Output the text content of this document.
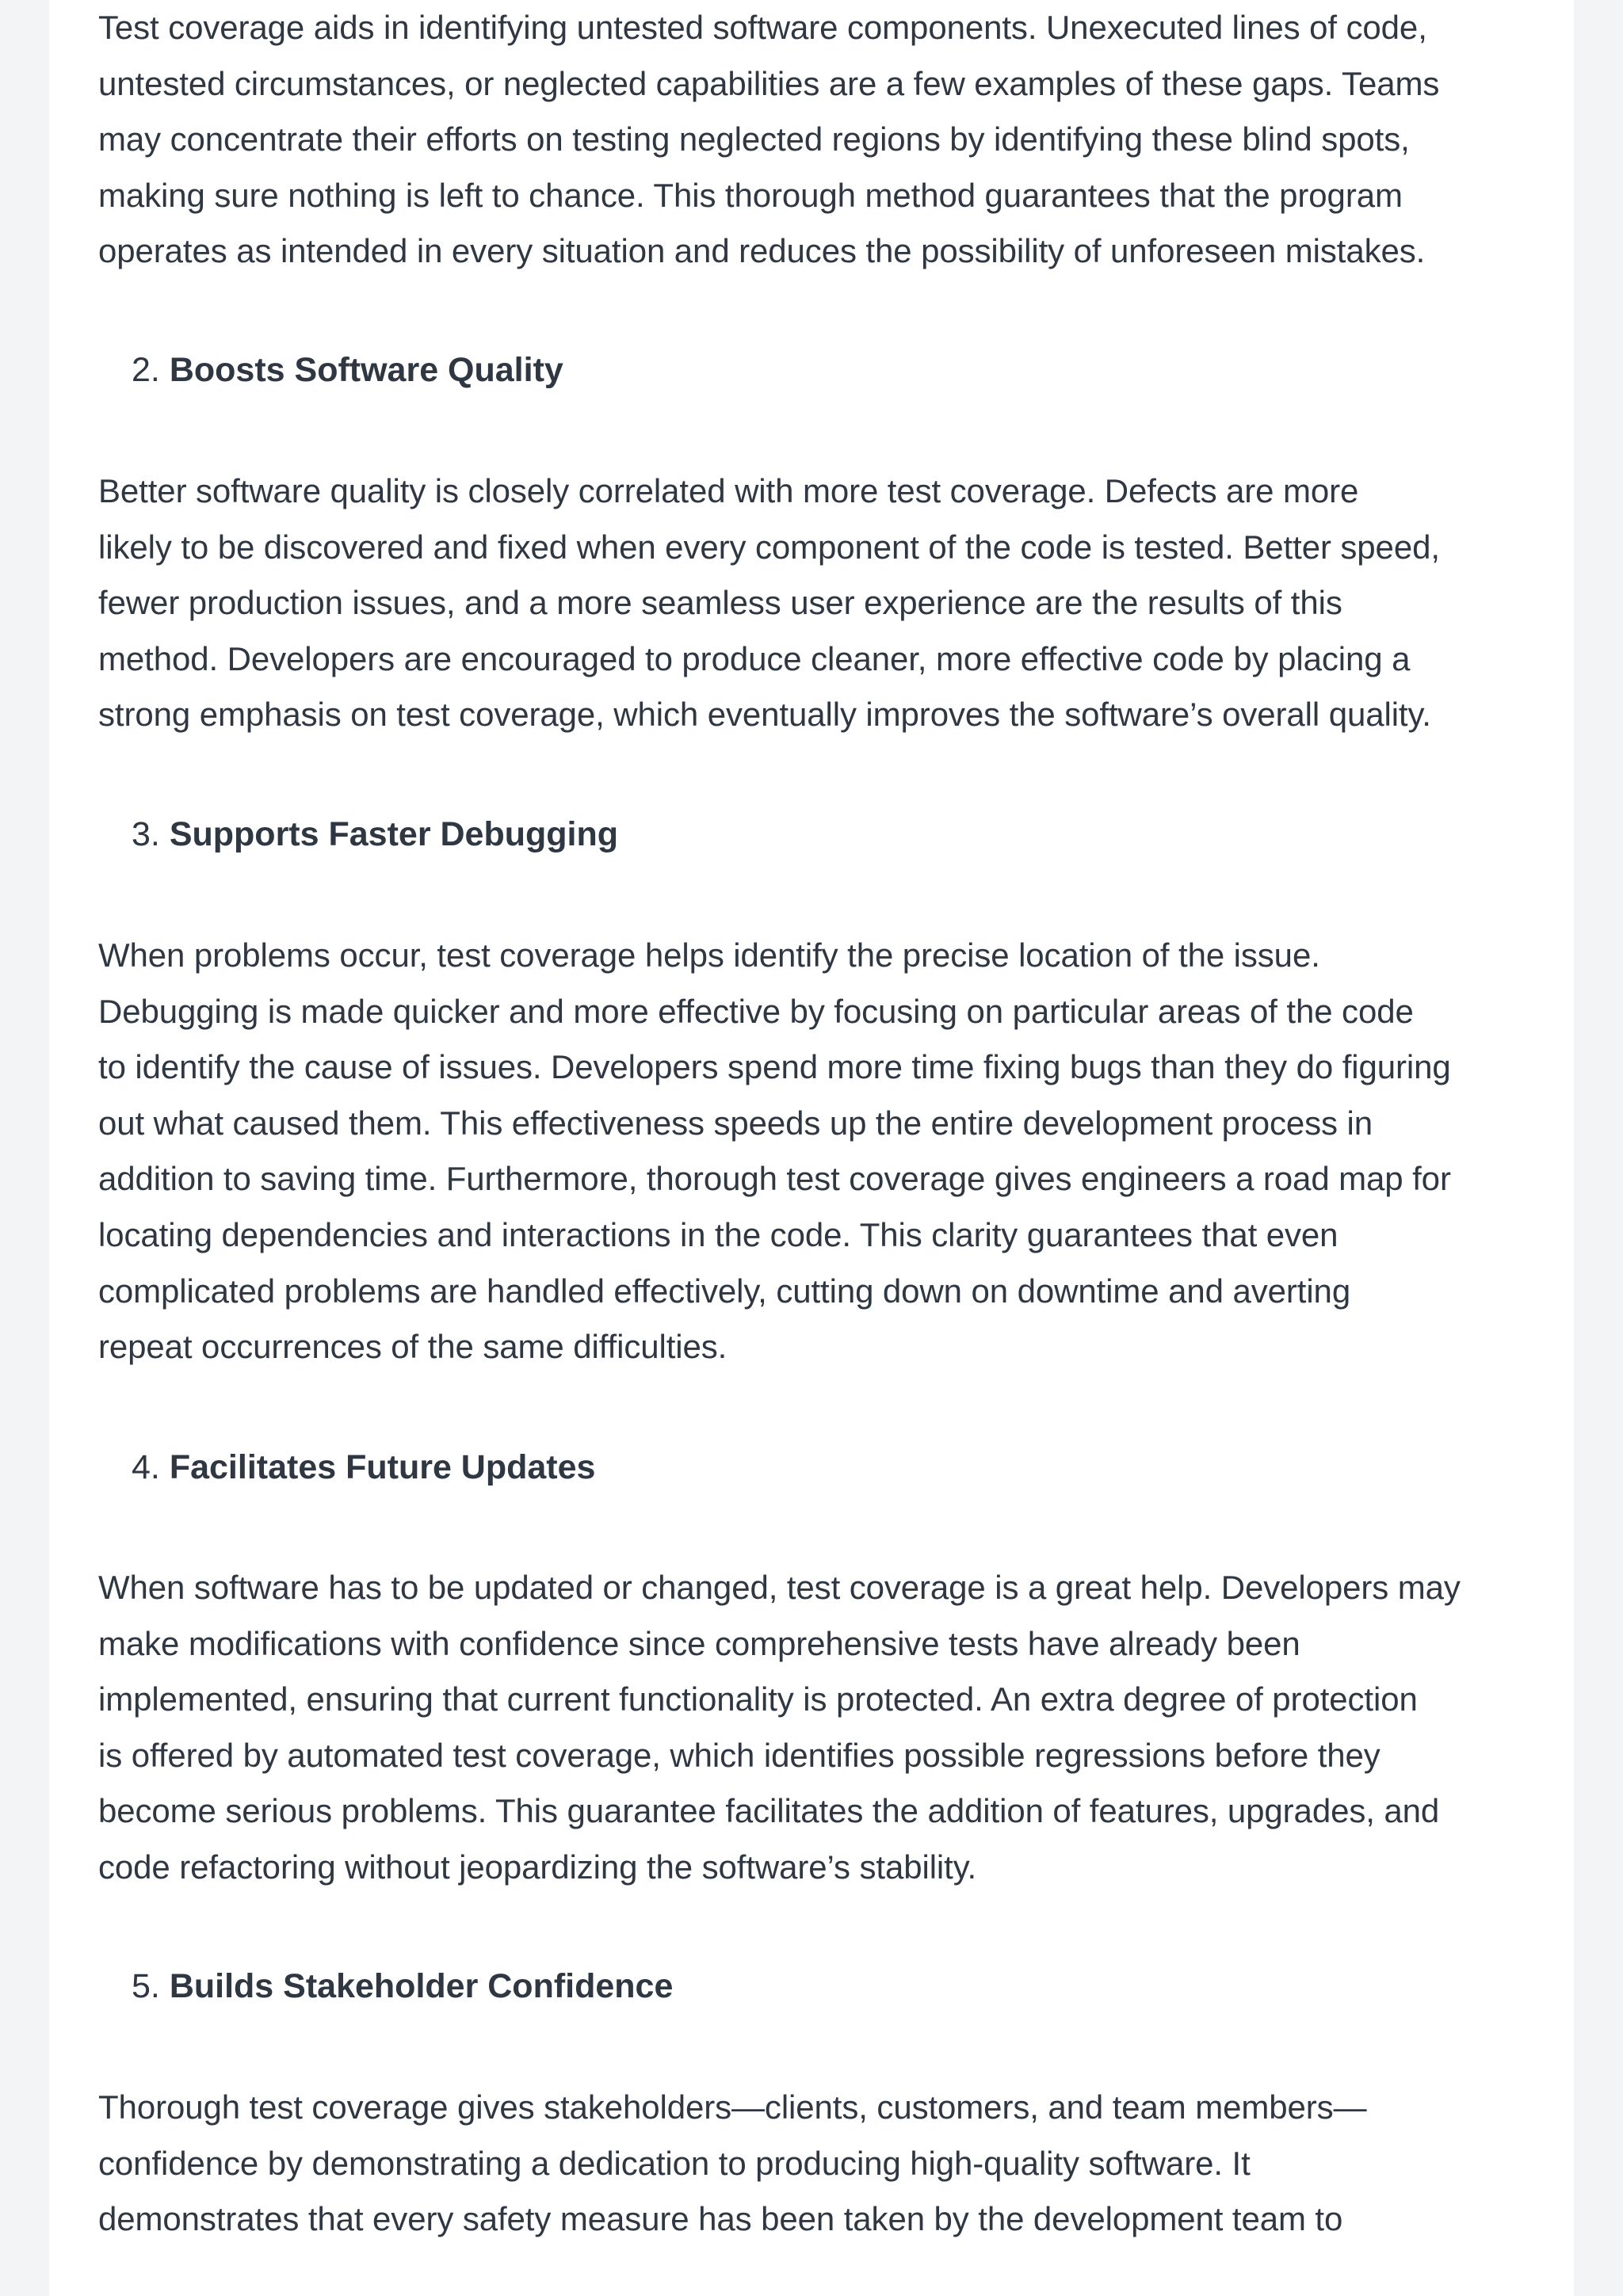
Test coverage aids in identifying untested software components. Unexecuted lines of code,
untested circumstances, or neglected capabilities are a few examples of these gaps. Teams
may concentrate their efforts on testing neglected regions by identifying these blind spots,
making sure nothing is left to chance. This thorough method guarantees that the program
operates as intended in every situation and reduces the possibility of unforeseen mistakes.

2. Boosts Software Quality

Better software quality is closely correlated with more test coverage. Defects are more
likely to be discovered and fixed when every component of the code is tested. Better speed,
fewer production issues, and a more seamless user experience are the results of this
method. Developers are encouraged to produce cleaner, more effective code by placing a
strong emphasis on test coverage, which eventually improves the software’s overall quality.

3. Supports Faster Debugging

When problems occur, test coverage helps identify the precise location of the issue.
Debugging is made quicker and more effective by focusing on particular areas of the code
to identify the cause of issues. Developers spend more time fixing bugs than they do figuring
out what caused them. This effectiveness speeds up the entire development process in
addition to saving time. Furthermore, thorough test coverage gives engineers a road map for
locating dependencies and interactions in the code. This clarity guarantees that even
complicated problems are handled effectively, cutting down on downtime and averting
repeat occurrences of the same difficulties.

4. Facilitates Future Updates

When software has to be updated or changed, test coverage is a great help. Developers may
make modifications with confidence since comprehensive tests have already been
implemented, ensuring that current functionality is protected. An extra degree of protection
is offered by automated test coverage, which identifies possible regressions before they
become serious problems. This guarantee facilitates the addition of features, upgrades, and
code refactoring without jeopardizing the software’s stability.

5. Builds Stakeholder Confidence

Thorough test coverage gives stakeholders—clients, customers, and team members—
confidence by demonstrating a dedication to producing high-quality software. It
demonstrates that every safety measure has been taken by the development team to
